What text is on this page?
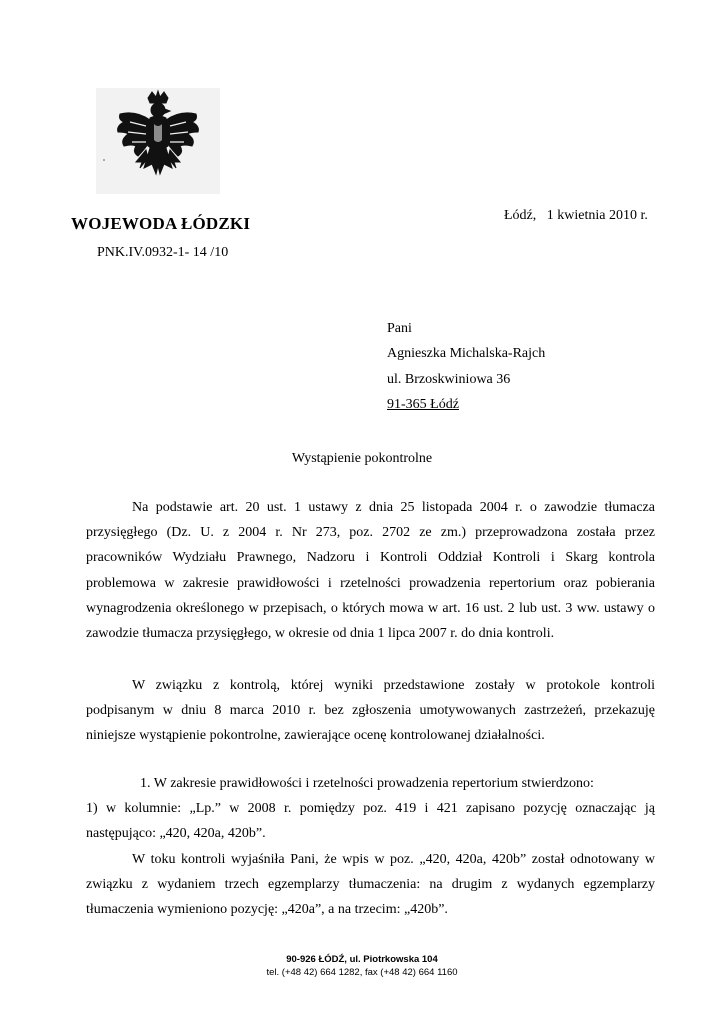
WOJEWODA ŁÓDZKI
PNK.IV.0932-1- 14 /10
Łódź,   1 kwietnia 2010 r.
Pani
Agnieszka Michalska-Rajch
ul. Brzoskwiniowa 36
91-365 Łódź
Wystąpienie pokontrolne

Na podstawie art. 20 ust. 1 ustawy z dnia 25 listopada 2004 r. o zawodzie tłumacza przysięgłego (Dz. U. z 2004 r. Nr 273, poz. 2702 ze zm.) przeprowadzona została przez pracowników Wydziału Prawnego, Nadzoru i Kontroli Oddział Kontroli i Skarg kontrola problemowa w zakresie prawidłowości i rzetelności prowadzenia repertorium oraz pobierania wynagrodzenia określonego w przepisach, o których mowa w art. 16 ust. 2 lub ust. 3 ww. ustawy o zawodzie tłumacza przysięgłego, w okresie od dnia 1 lipca 2007 r. do dnia kontroli.

W związku z kontrolą, której wyniki przedstawione zostały w protokole kontroli podpisanym w dniu 8 marca 2010 r. bez zgłoszenia umotywowanych zastrzeżeń, przekazuję niniejsze wystąpienie pokontrolne, zawierające ocenę kontrolowanej działalności.

1. W zakresie prawidłowości i rzetelności prowadzenia repertorium stwierdzono:

1) w kolumnie: „Lp.” w 2008 r. pomiędzy poz. 419 i 421 zapisano pozycję oznaczając ją następująco: „420, 420a, 420b”.

W toku kontroli wyjaśniła Pani, że wpis w poz. „420, 420a, 420b” został odnotowany w związku z wydaniem trzech egzemplarzy tłumaczenia: na drugim z wydanych egzemplarzy tłumaczenia wymieniono pozycję: „420a”, a na trzecim: „420b”.

90-926 ŁÓDŹ, ul. Piotrkowska 104
tel. (+48 42) 664 1282, fax (+48 42) 664 1160
